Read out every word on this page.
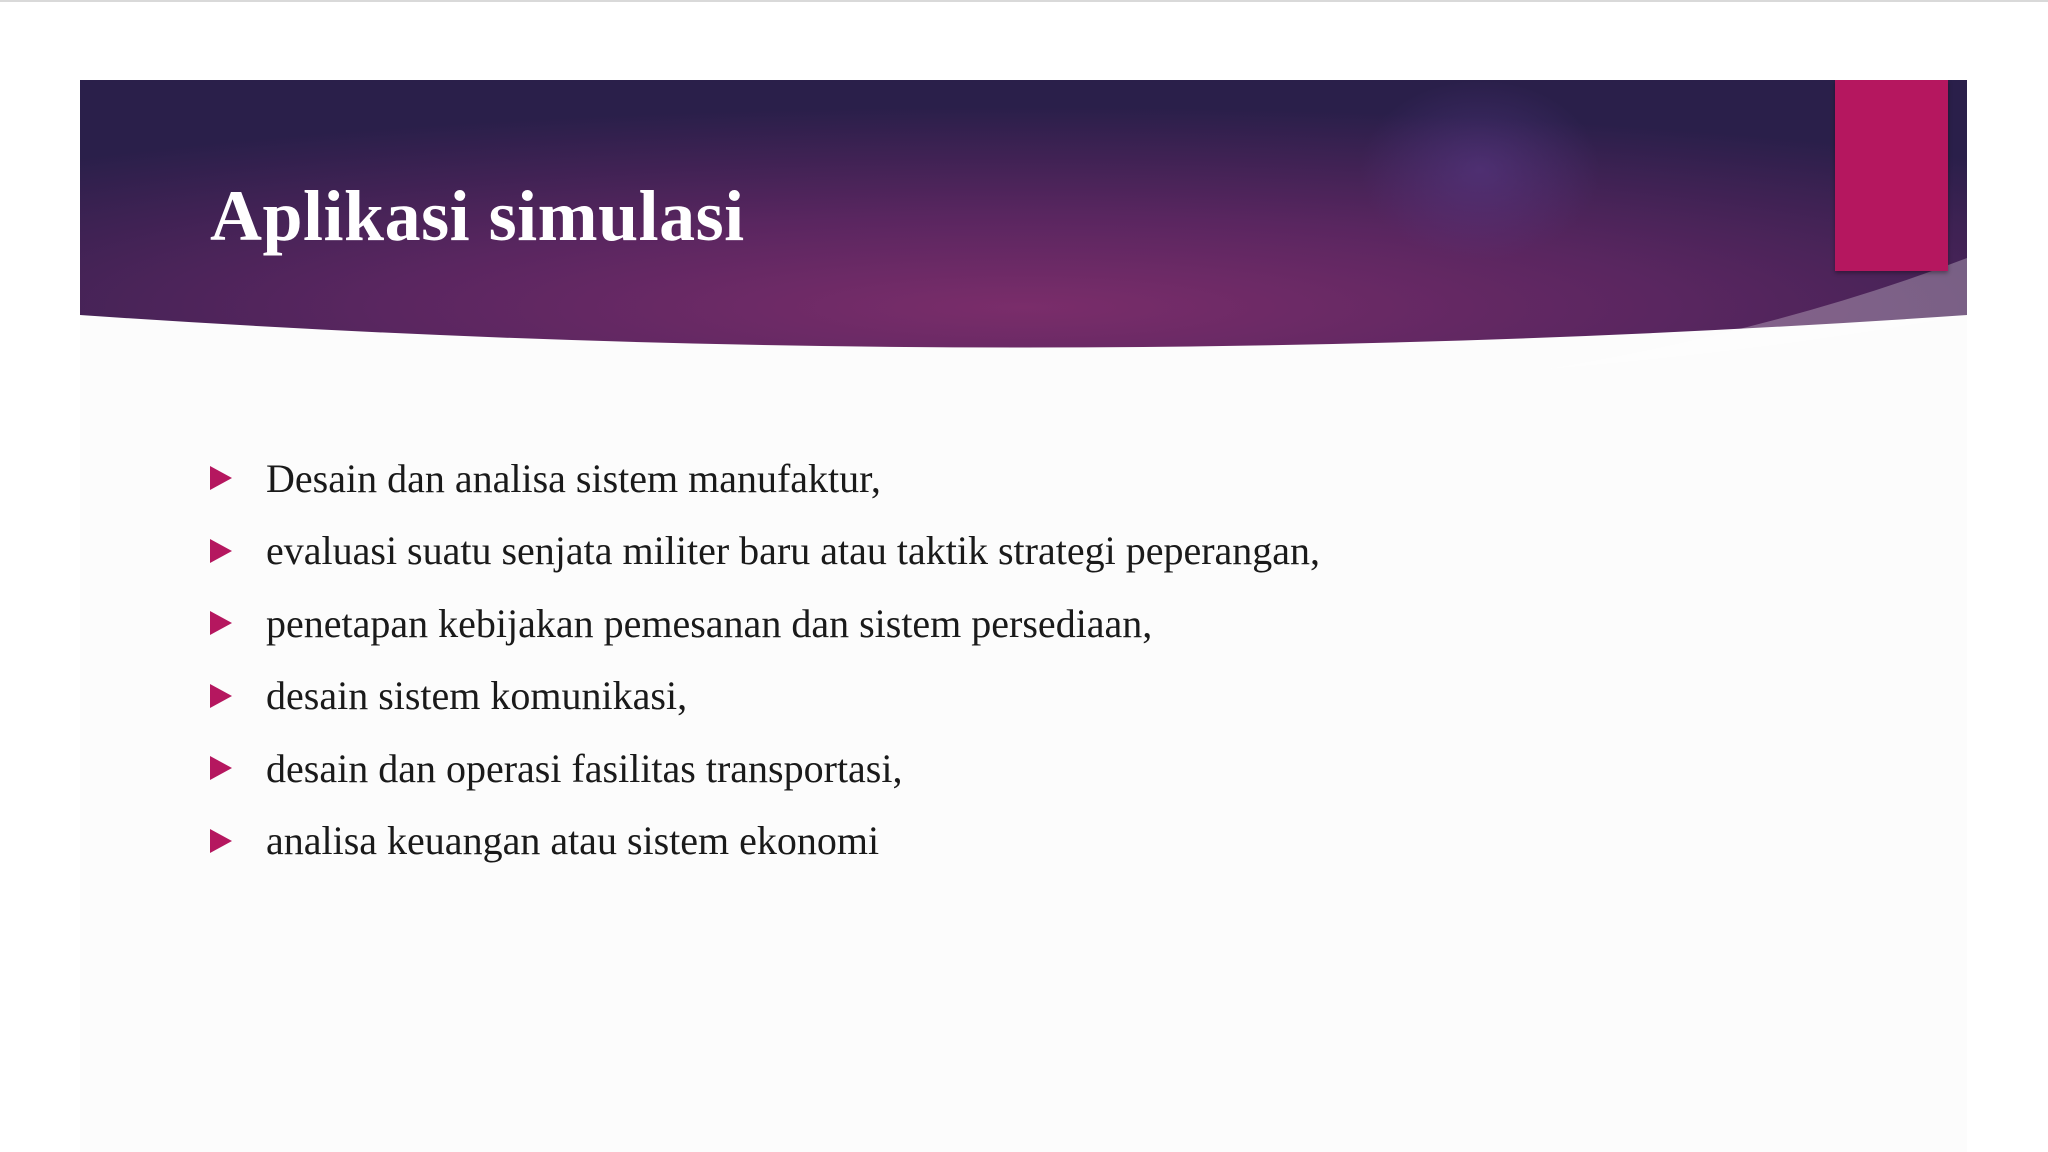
Aplikasi simulasi
Desain dan analisa sistem manufaktur,
evaluasi suatu senjata militer baru atau taktik strategi peperangan,
penetapan kebijakan pemesanan dan sistem persediaan,
desain sistem komunikasi,
desain dan operasi fasilitas transportasi,
analisa keuangan atau sistem ekonomi
